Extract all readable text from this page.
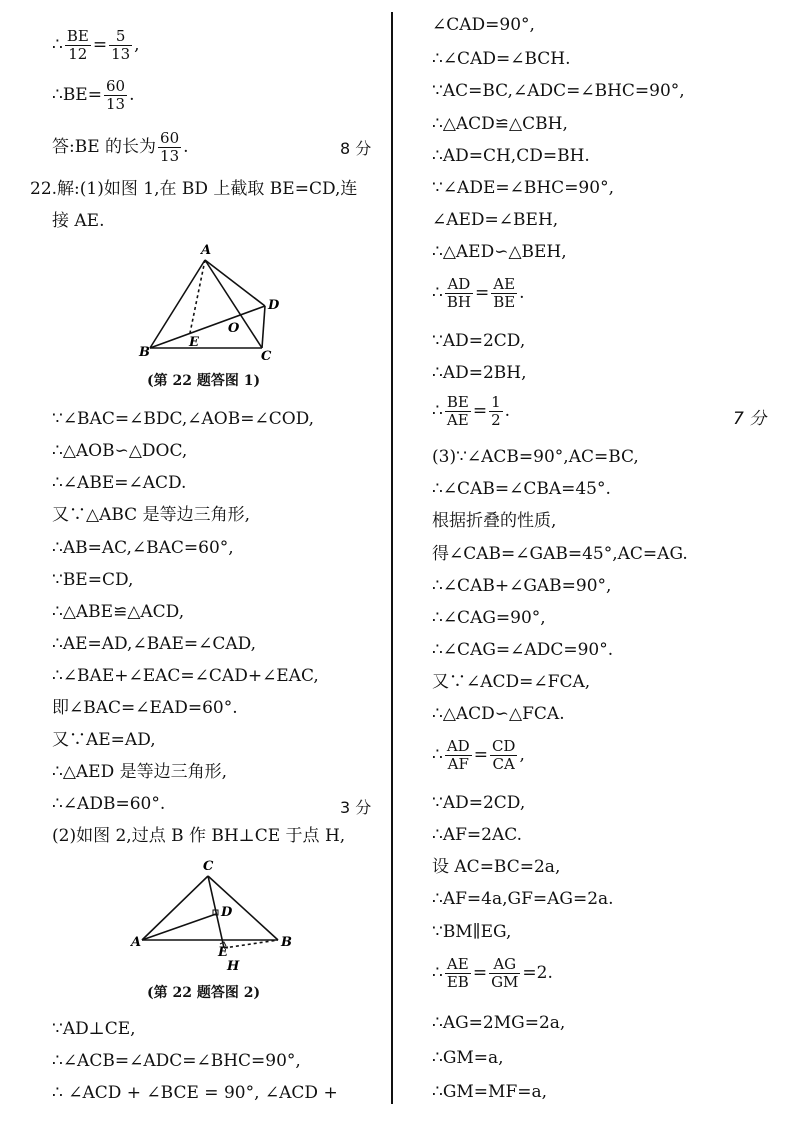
∴ $\frac{BE}{12} = \frac{5}{13}$ ,
∴BE= $\frac{60}{13}$ .
答:BE 的长为 $\frac{60}{13}$ .	8 分
22.解:(1)如图 1,在 BD 上截取 BE=CD,连
接 AE.
A
B	C
D
E
O
(第 22 题答图 1)
∵∠BAC=∠BDC,∠AOB=∠COD,
∴△AOB∽△DOC,
∴∠ABE=∠ACD.
又∵△ABC 是等边三角形,
∴AB=AC,∠BAC=60°,
∵BE=CD,
∴△ABE≌△ACD,
∴AE=AD,∠BAE=∠CAD,
∴∠BAE+∠EAC=∠CAD+∠EAC,
即∠BAC=∠EAD=60°.
又∵AE=AD,
∴△AED 是等边三角形,
∴∠ADB=60°.	3 分
(2)如图 2,过点 B 作 BH⊥CE 于点 H,
C
A	B
D
E
H
(第 22 题答图 2)
∵AD⊥CE,
∴∠ACB=∠ADC=∠BHC=90°,
∴ ∠ACD + ∠BCE = 90°, ∠ACD +
∠CAD=90°,
∴∠CAD=∠BCH.
∵AC=BC,∠ADC=∠BHC=90°,
∴△ACD≌△CBH,
∴AD=CH,CD=BH.
∵∠ADE=∠BHC=90°,
∠AED=∠BEH,
∴△AED∽△BEH,
∴ $\frac{AD}{BH} = \frac{AE}{BE}$ .
∵AD=2CD,
∴AD=2BH,
∴ $\frac{BE}{AE} = \frac{1}{2}$ .	7 分
(3)∵∠ACB=90°,AC=BC,
∴∠CAB=∠CBA=45°.
根据折叠的性质,
得∠CAB=∠GAB=45°,AC=AG.
∴∠CAB+∠GAB=90°,
∴∠CAG=90°,
∴∠CAG=∠ADC=90°.
又∵∠ACD=∠FCA,
∴△ACD∽△FCA.
∴ $\frac{AD}{AF} = \frac{CD}{CA}$ ,
∵AD=2CD,
∴AF=2AC.
设 AC=BC=2a,
∴AF=4a,GF=AG=2a.
∵BM∥EG,
∴ $\frac{AE}{EB} = \frac{AG}{GM} =2$.
∴AG=2MG=2a,
∴GM=a,
∴GM=MF=a,
